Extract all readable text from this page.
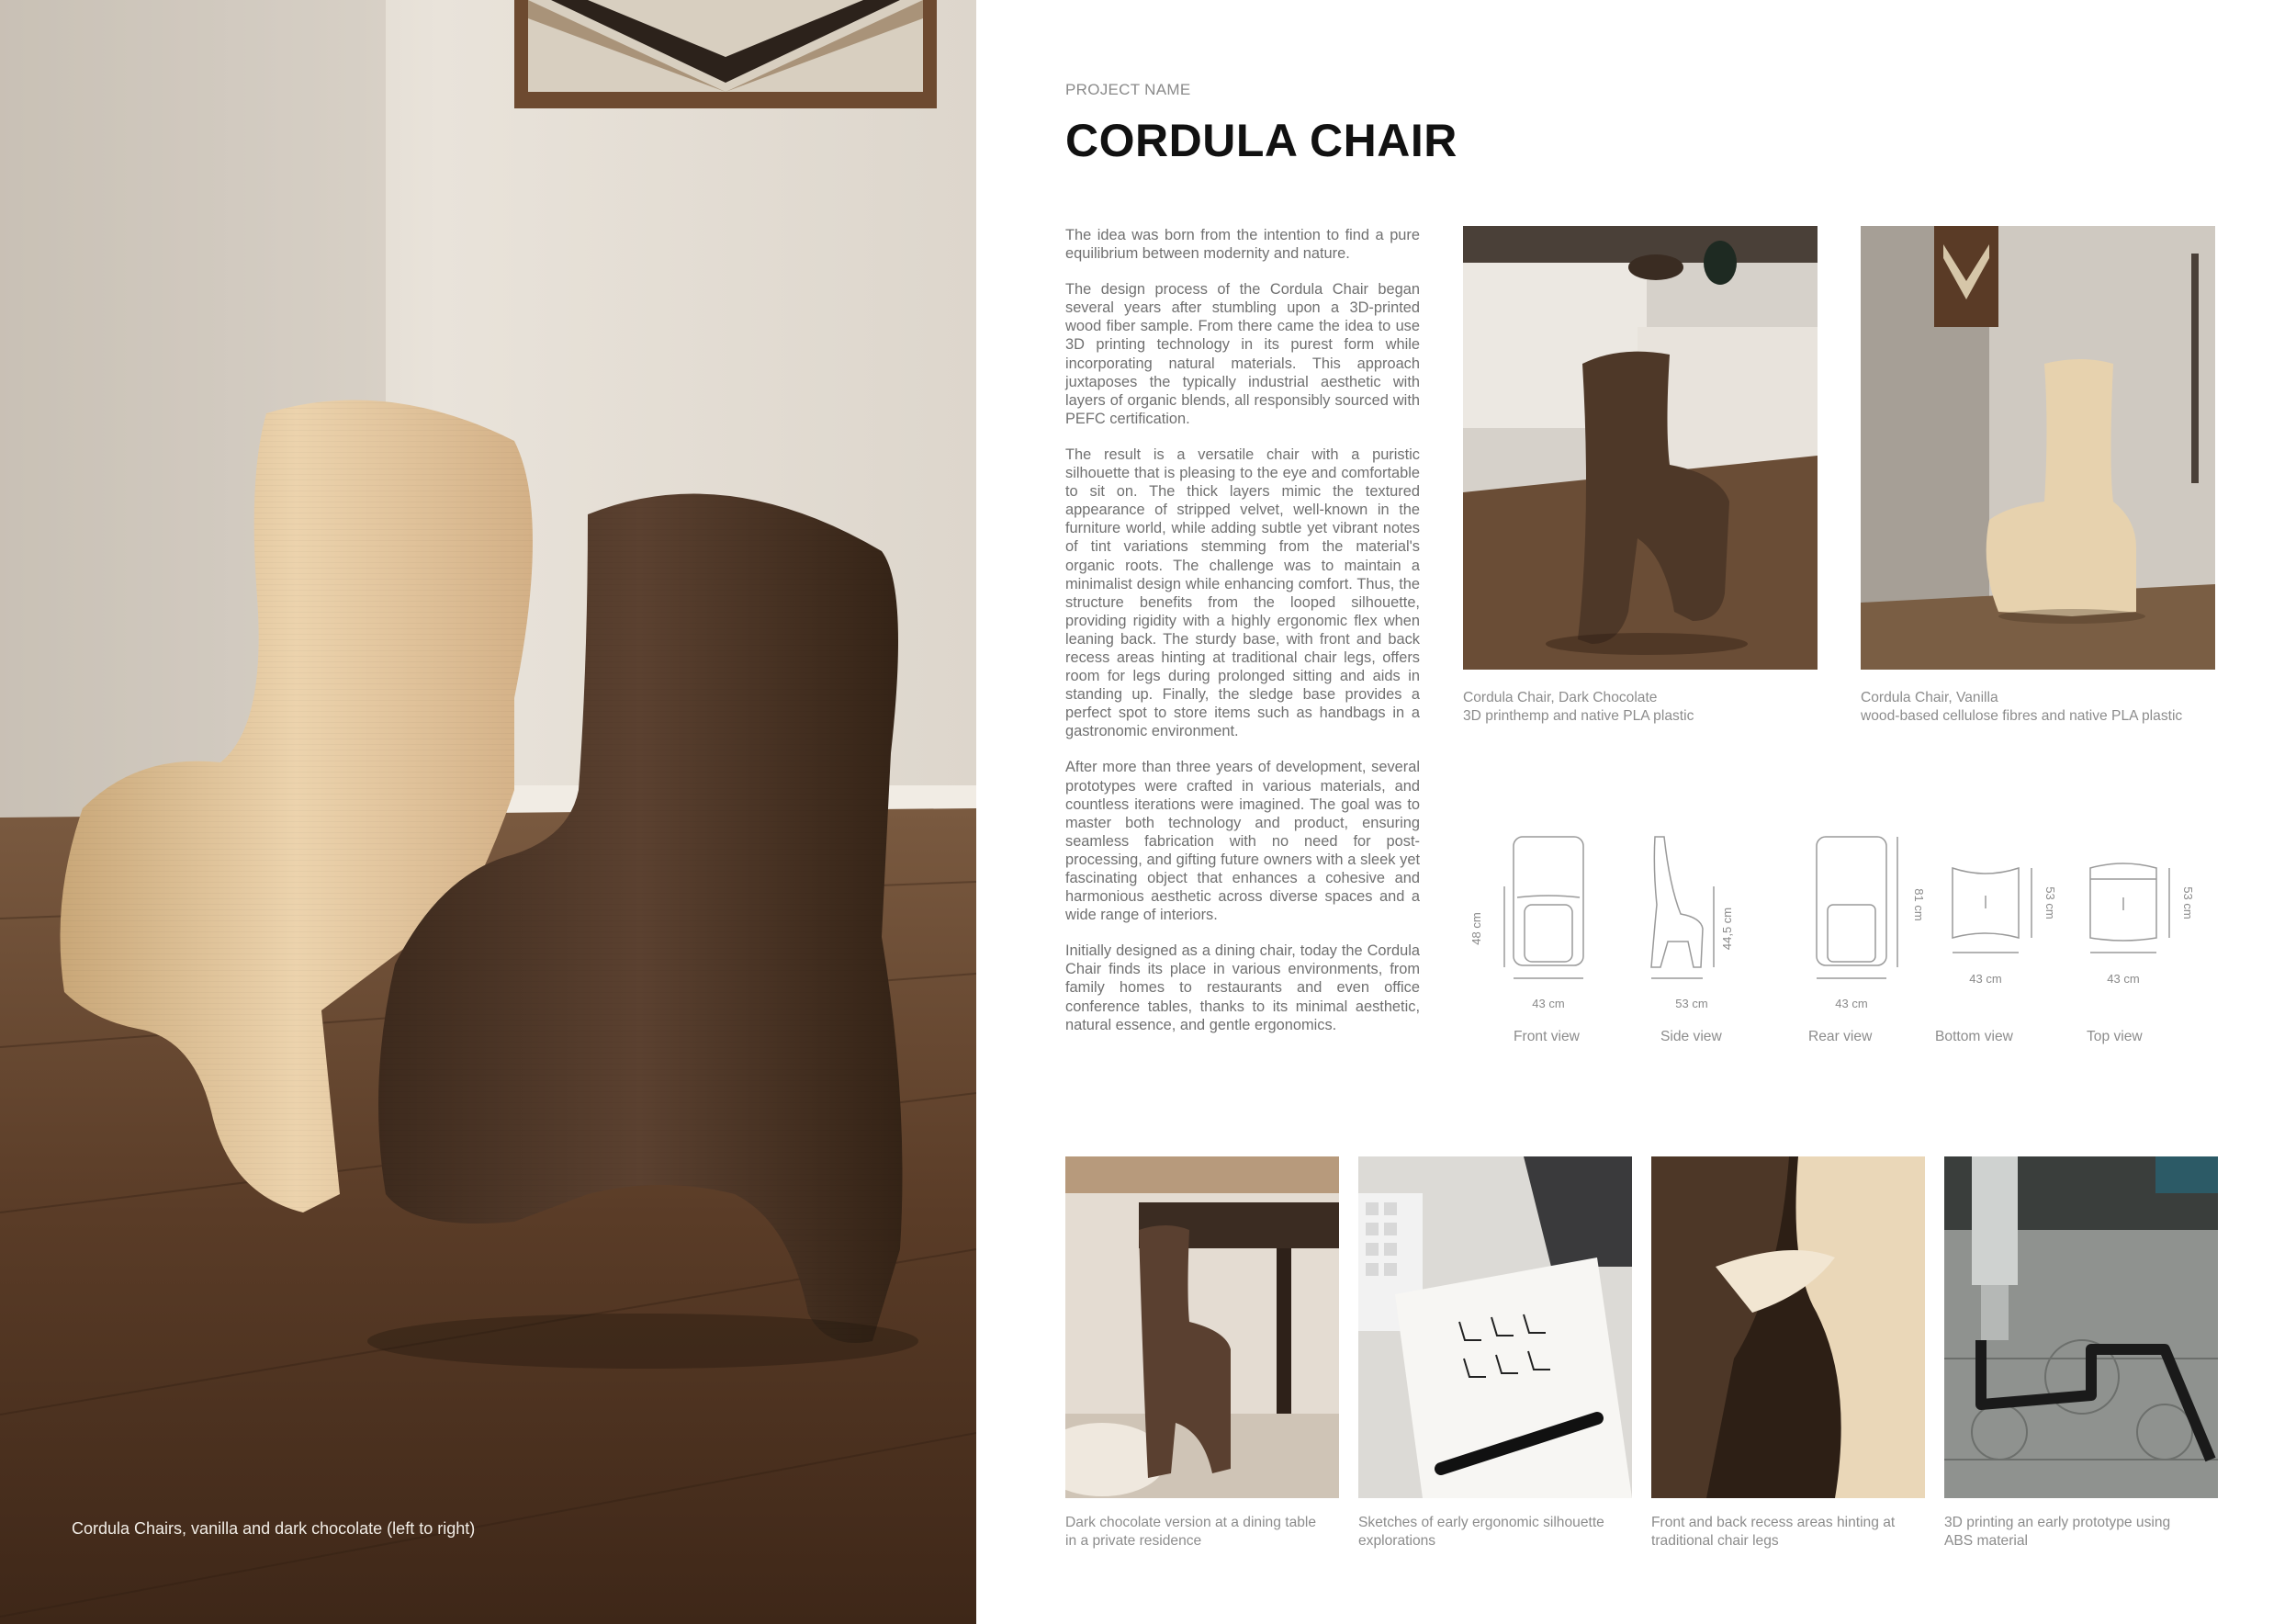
Cordula Chairs, vanilla and dark chocolate (left to right)
PROJECT NAME
CORDULA CHAIR

The idea was born from the intention to find a pure equilibrium between modernity and nature.

The design process of the Cordula Chair began several years after stumbling upon a 3D-printed wood fiber sample. From there came the idea to use 3D printing technology in its purest form while incorporating natural materials. This approach juxtaposes the typically industrial aesthetic with layers of organic blends, all responsibly sourced with PEFC certification.

The result is a versatile chair with a puristic silhouette that is pleasing to the eye and comfortable to sit on. The thick layers mimic the textured appearance of stripped velvet, well-known in the furniture world, while adding subtle yet vibrant notes of tint variations stemming from the material's organic roots. The challenge was to maintain a minimalist design while enhancing comfort. Thus, the structure benefits from the looped silhouette, providing rigidity with a highly ergonomic flex when leaning back. The sturdy base, with front and back recess areas hinting at traditional chair legs, offers room for legs during prolonged sitting and aids in standing up. Finally, the sledge base provides a perfect spot to store items such as handbags in a gastronomic environment.

After more than three years of development, several prototypes were crafted in various materials, and countless iterations were imagined. The goal was to master both technology and product, ensuring seamless fabrication with no need for post-processing, and gifting future owners with a sleek yet fascinating object that enhances a cohesive and harmonious aesthetic across diverse spaces and a wide range of interiors.

Initially designed as a dining chair, today the Cordula Chair finds its place in various environments, from family homes to restaurants and even office conference tables, thanks to its minimal aesthetic, natural essence, and gentle ergonomics.

Cordula Chair, Dark Chocolate
3D printhemp and native PLA plastic
Cordula Chair, Vanilla
wood-based cellulose fibres and native PLA plastic
43 cm
48 cm
53 cm
44,5 cm
43 cm
81 cm
43 cm
53 cm
43 cm
53 cm
Front view	Side view	Rear view	Bottom view	Top view
Dark chocolate version at a dining table
in a private residence
Sketches of early ergonomic silhouette
explorations
Front and back recess areas hinting at
traditional chair legs
3D printing an early prototype using
ABS material
